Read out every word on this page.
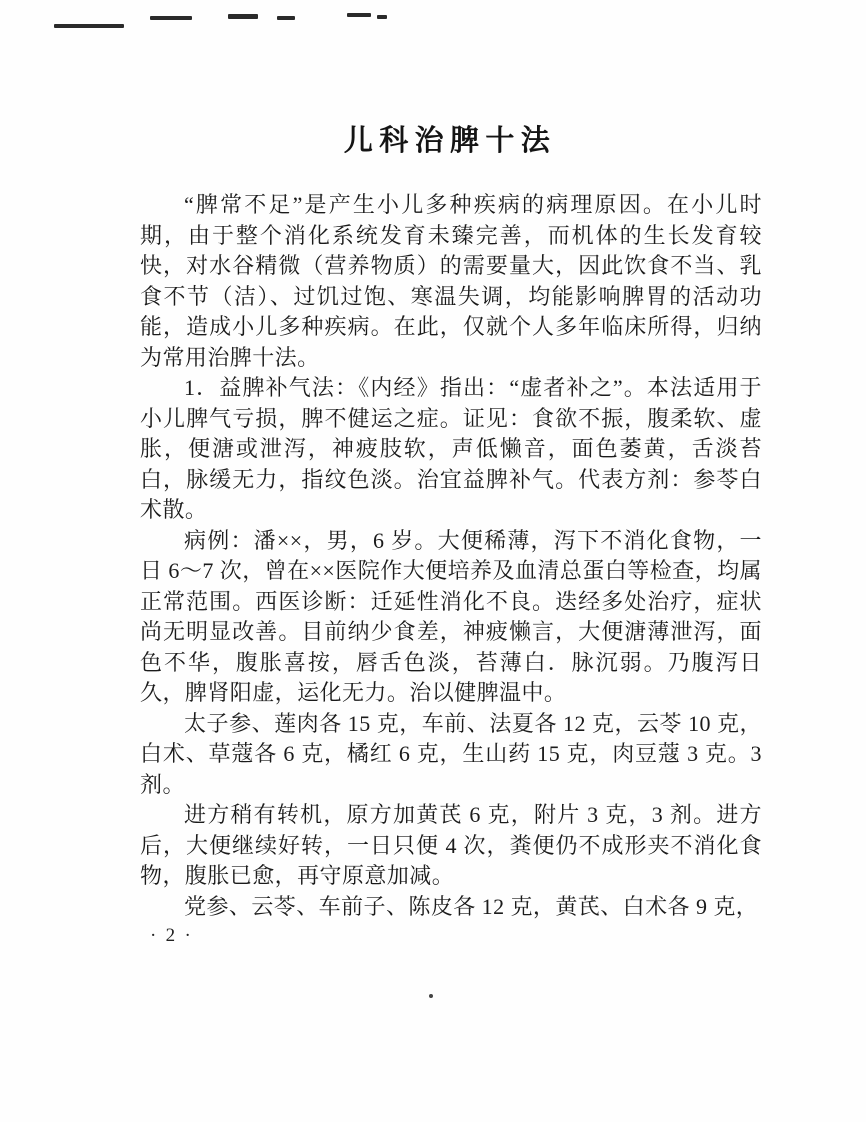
儿科治脾十法

“脾常不足”是产生小儿多种疾病的病理原因。在小儿时期，由于整个消化系统发育未臻完善，而机体的生长发育较快，对水谷精微（营养物质）的需要量大，因此饮食不当、乳食不节（洁）、过饥过饱、寒温失调，均能影响脾胃的活动功能，造成小儿多种疾病。在此，仅就个人多年临床所得，归纳为常用治脾十法。

1．益脾补气法：《内经》指出：“虚者补之”。本法适用于小儿脾气亏损，脾不健运之症。证见：食欲不振，腹柔软、虚胀，便溏或泄泻，神疲肢软，声低懒音，面色萎黄，舌淡苔白，脉缓无力，指纹色淡。治宜益脾补气。代表方剂：参苓白术散。

病例：潘××，男，6 岁。大便稀薄，泻下不消化食物，一日 6～7 次，曾在××医院作大便培养及血清总蛋白等检查，均属正常范围。西医诊断：迁延性消化不良。迭经多处治疗，症状尚无明显改善。目前纳少食差，神疲懒言，大便溏薄泄泻，面色不华，腹胀喜按，唇舌色淡，苔薄白．脉沉弱。乃腹泻日久，脾肾阳虚，运化无力。治以健脾温中。

太子参、莲肉各 15 克，车前、法夏各 12 克，云苓 10 克，白术、草蔻各 6 克，橘红 6 克，生山药 15 克，肉豆蔻 3 克。3 剂。

进方稍有转机，原方加黄芪 6 克，附片 3 克，3 剂。进方后，大便继续好转，一日只便 4 次，粪便仍不成形夹不消化食物，腹胀已愈，再守原意加减。

党参、云苓、车前子、陈皮各 12 克，黄芪、白术各 9 克，

· 2 ·
